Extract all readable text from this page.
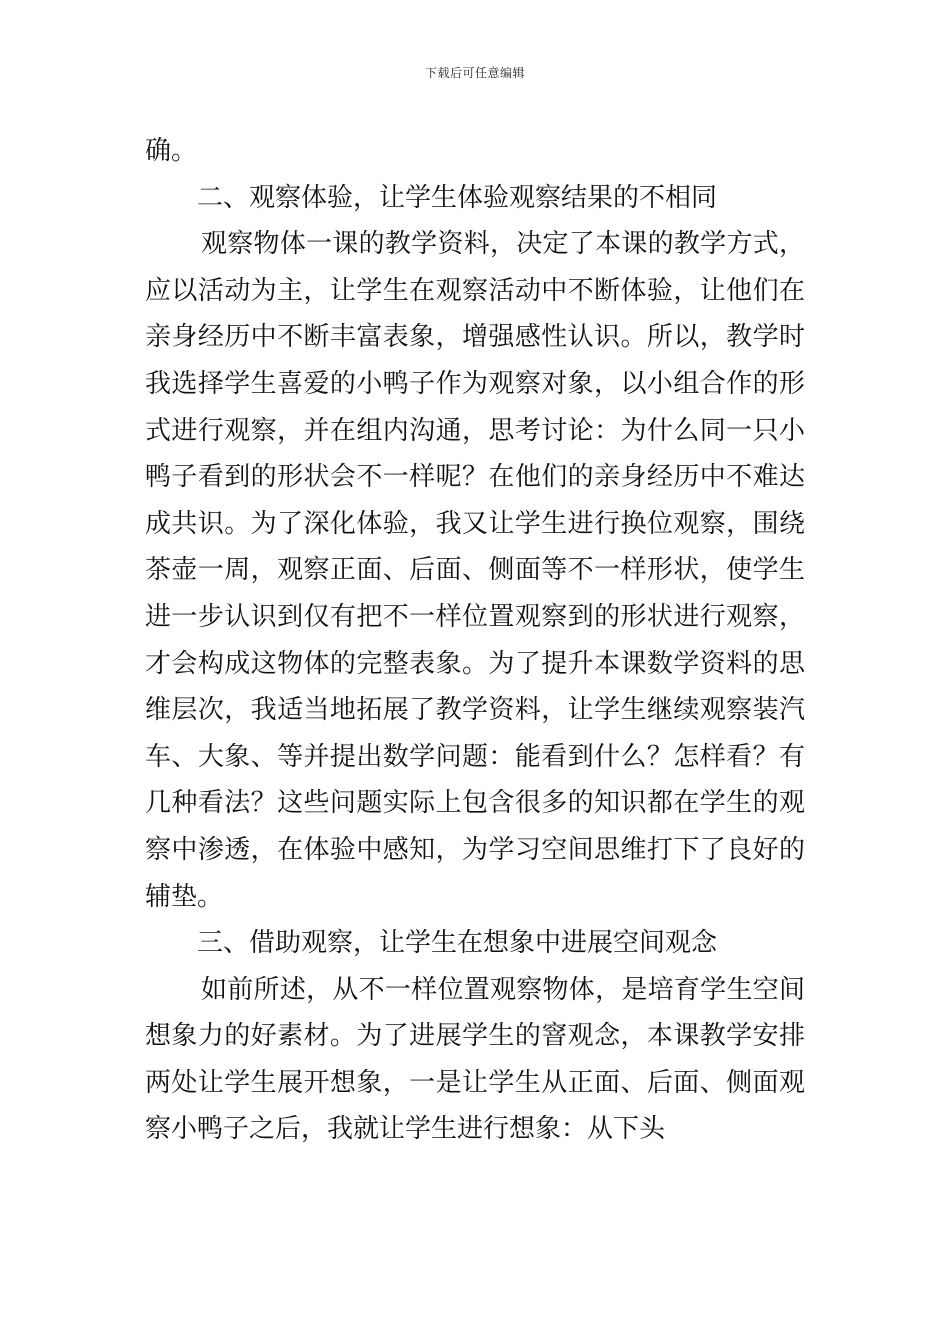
下载后可任意编辑
确。
二、观察体验，让学生体验观察结果的不相同
观察物体一课的教学资料，决定了本课的教学方式，
应以活动为主，让学生在观察活动中不断体验，让他们在
亲身经历中不断丰富表象，增强感性认识。所以，教学时
我选择学生喜爱的小鸭子作为观察对象，以小组合作的形
式进行观察，并在组内沟通，思考讨论：为什么同一只小
鸭子看到的形状会不一样呢？在他们的亲身经历中不难达
成共识。为了深化体验，我又让学生进行换位观察，围绕
茶壶一周，观察正面、后面、侧面等不一样形状，使学生
进一步认识到仅有把不一样位置观察到的形状进行观察，
才会构成这物体的完整表象。为了提升本课数学资料的思
维层次，我适当地拓展了教学资料，让学生继续观察装汽
车、大象、等并提出数学问题：能看到什么？怎样看？有
几种看法？这些问题实际上包含很多的知识都在学生的观
察中渗透，在体验中感知，为学习空间思维打下了良好的
辅垫。
三、借助观察，让学生在想象中进展空间观念
如前所述，从不一样位置观察物体，是培育学生空间
想象力的好素材。为了进展学生的窨观念，本课教学安排
两处让学生展开想象，一是让学生从正面、后面、侧面观
察小鸭子之后，我就让学生进行想象：从下头
